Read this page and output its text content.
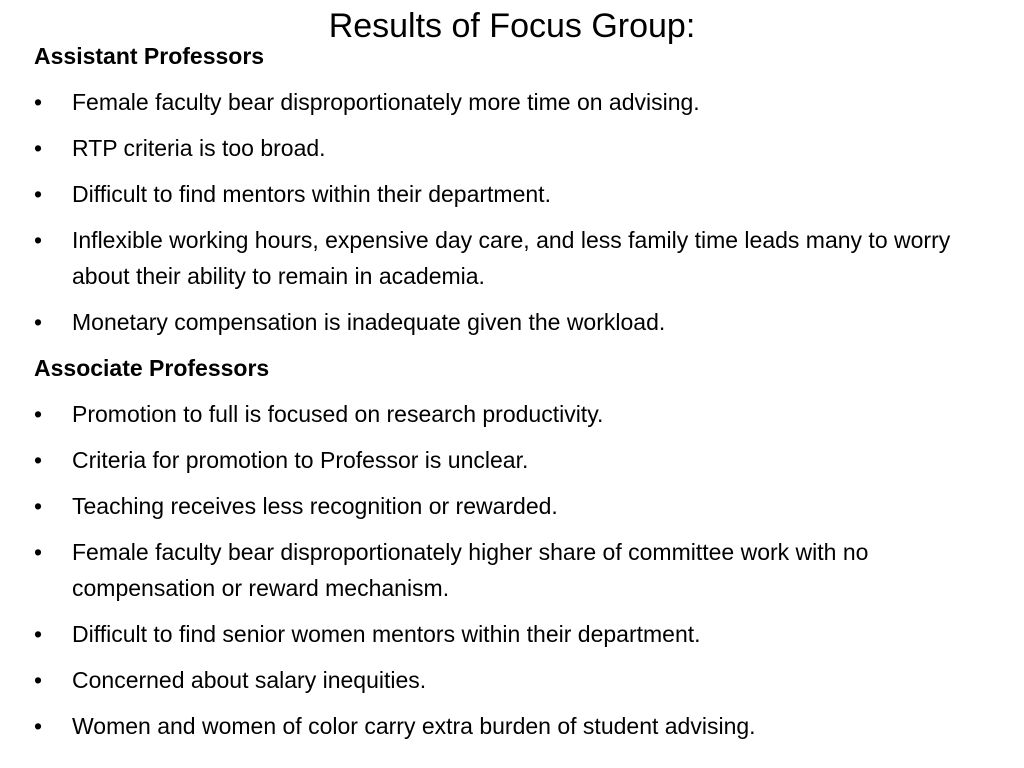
Results of Focus Group:
Assistant Professors
•	Female faculty bear disproportionately more time on advising.
•	RTP criteria is too broad.
•	Difficult to find mentors within their department.
•	Inflexible working hours, expensive day care, and less family time leads many to worry about their ability to remain in academia.
•	Monetary compensation is inadequate given the workload.
Associate Professors
•	Promotion to full is focused on research productivity.
•	Criteria for promotion to Professor is unclear.
•	Teaching receives less recognition or rewarded.
•	Female faculty bear disproportionately higher share of committee work with no compensation or reward mechanism.
•	Difficult to find senior women mentors within their department.
•	Concerned about salary inequities.
•	Women and women of color carry extra burden of student advising.
